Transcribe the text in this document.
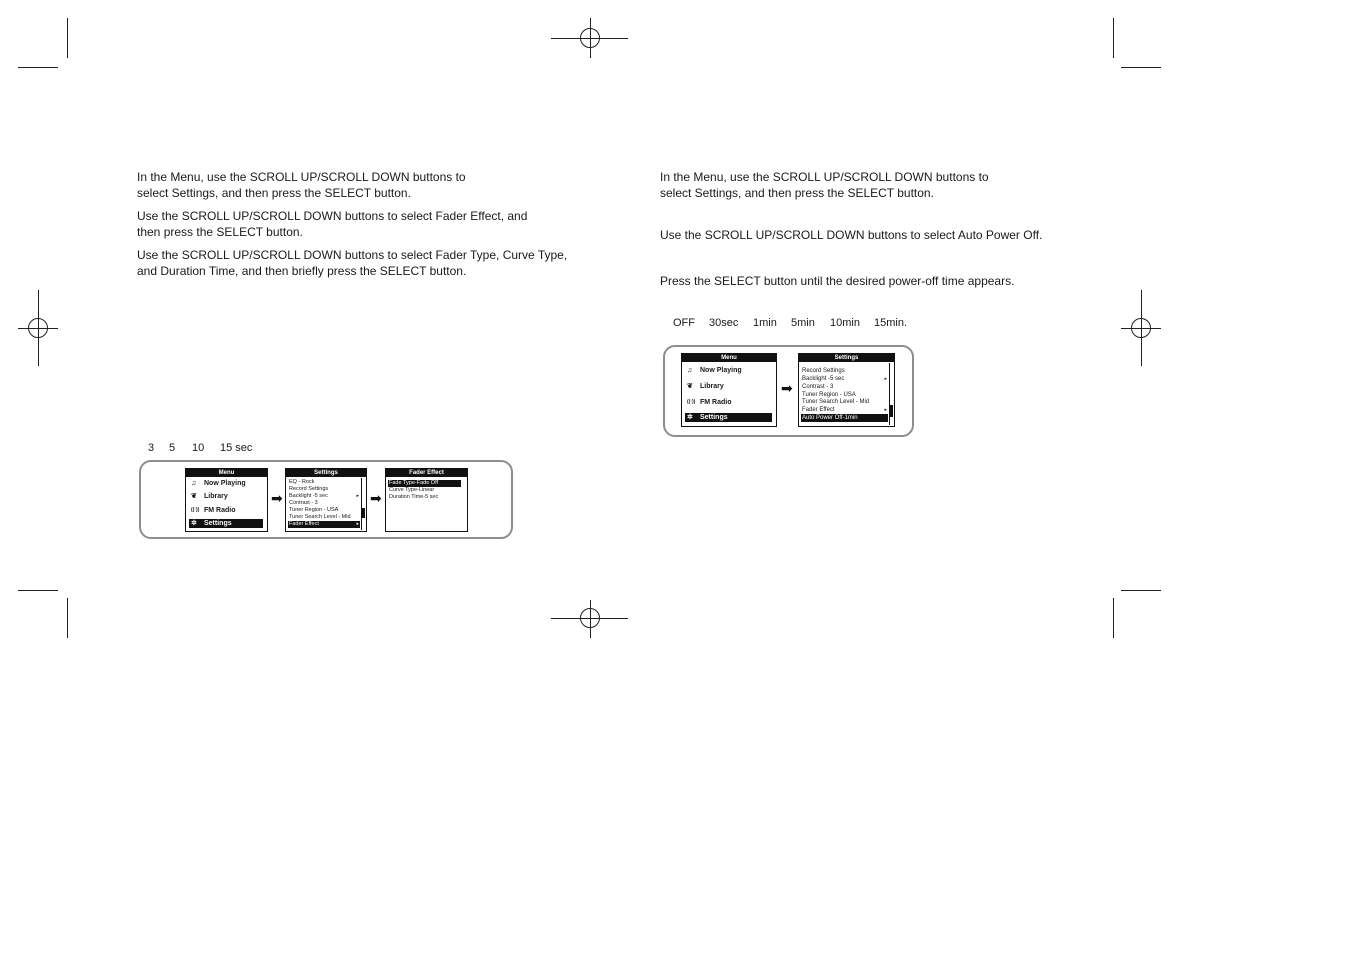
In the Menu, use the SCROLL UP/SCROLL DOWN buttons to
select Settings, and then press the SELECT button.
Use the SCROLL UP/SCROLL DOWN buttons to select Fader Effect, and
then press the SELECT button.
Use the SCROLL UP/SCROLL DOWN buttons to select Fader Type, Curve Type,
and Duration Time, and then briefly press the SELECT button.
3 5 10 15 sec
Menu
♫ Now Playing
❦ Library
((·)) FM Radio
✲ Settings
➡
Settings
EQ - Rock
Record Settings
Backlight -5 sec	▸
Contrast - 3
Tuner Region - USA
Tuner Search Level - Mid
Fader Effect	▸
➡
Fader Effect
Fade Type-Fade Off
Curve Type-Linear
Duration Time-5 sec
In the Menu, use the SCROLL UP/SCROLL DOWN buttons to
select Settings, and then press the SELECT button.
Use the SCROLL UP/SCROLL DOWN buttons to select Auto Power Off.
Press the SELECT button until the desired power-off time appears.
OFF 30sec 1min 5min 10min 15min.
Menu
♫ Now Playing
❦ Library
((·)) FM Radio
✲ Settings
➡
Settings
Record Settings
Backlight -5 sec	▸
Contrast - 3
Tuner Region - USA
Tuner Search Level - Mid
Fader Effect	▸
Auto Power Off-1min
